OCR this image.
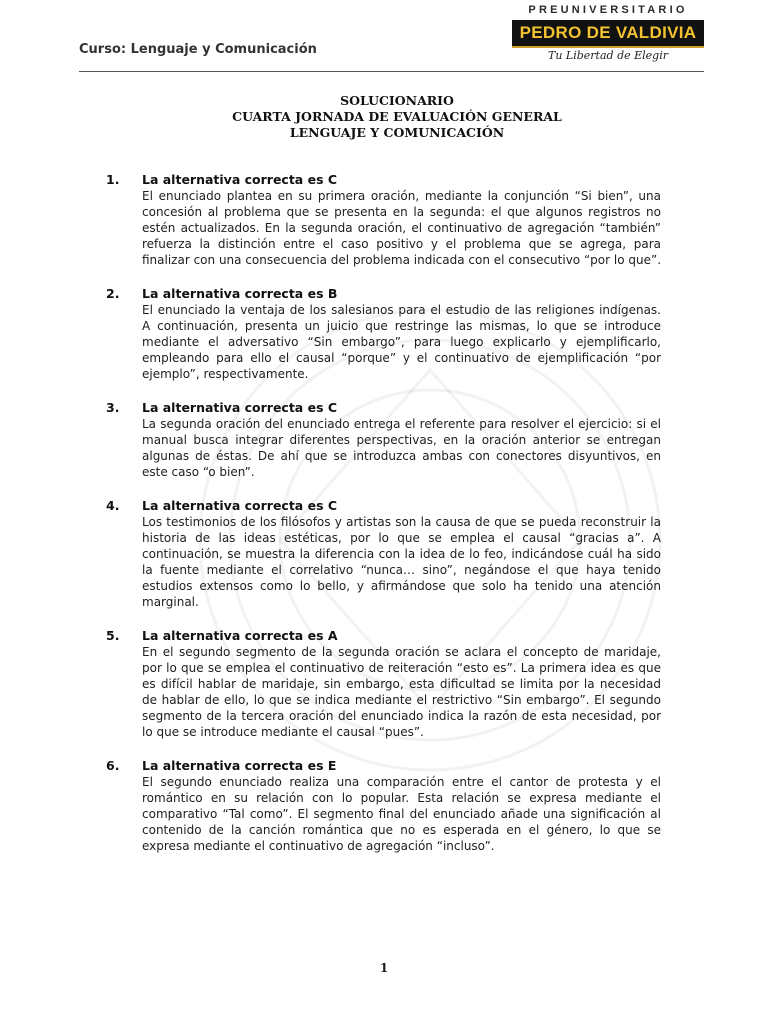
Curso: Lenguaje y Comunicación
PREUNIVERSITARIO
PEDRO DE VALDIVIA
Tu Libertad de Elegir
SOLUCIONARIO
CUARTA JORNADA DE EVALUACIÓN GENERAL
LENGUAJE Y COMUNICACIÓN
1. La alternativa correcta es C
El enunciado plantea en su primera oración, mediante la conjunción “Si bien”, una concesión al problema que se presenta en la segunda: el que algunos registros no estén actualizados. En la segunda oración, el continuativo de agregación “también” refuerza la distinción entre el caso positivo y el problema que se agrega, para finalizar con una consecuencia del problema indicada con el consecutivo “por lo que”.
2. La alternativa correcta es B
El enunciado la ventaja de los salesianos para el estudio de las religiones indígenas. A continuación, presenta un juicio que restringe las mismas, lo que se introduce mediante el adversativo “Sin embargo”, para luego explicarlo y ejemplificarlo, empleando para ello el causal “porque” y el continuativo de ejemplificación “por ejemplo”, respectivamente.
3. La alternativa correcta es C
La segunda oración del enunciado entrega el referente para resolver el ejercicio: si el manual busca integrar diferentes perspectivas, en la oración anterior se entregan algunas de éstas. De ahí que se introduzca ambas con conectores disyuntivos, en este caso “o bien”.
4. La alternativa correcta es C
Los testimonios de los filósofos y artistas son la causa de que se pueda reconstruir la historia de las ideas estéticas, por lo que se emplea el causal “gracias a”. A continuación, se muestra la diferencia con la idea de lo feo, indicándose cuál ha sido la fuente mediante el correlativo “nunca… sino”, negándose el que haya tenido estudios extensos como lo bello, y afirmándose que solo ha tenido una atención marginal.
5. La alternativa correcta es A
En el segundo segmento de la segunda oración se aclara el concepto de maridaje, por lo que se emplea el continuativo de reiteración “esto es”. La primera idea es que es difícil hablar de maridaje, sin embargo, esta dificultad se limita por la necesidad de hablar de ello, lo que se indica mediante el restrictivo “Sin embargo”. El segundo segmento de la tercera oración del enunciado indica la razón de esta necesidad, por lo que se introduce mediante el causal “pues”.
6. La alternativa correcta es E
El segundo enunciado realiza una comparación entre el cantor de protesta y el romántico en su relación con lo popular. Esta relación se expresa mediante el comparativo “Tal como”. El segmento final del enunciado añade una significación al contenido de la canción romántica que no es esperada en el género, lo que se expresa mediante el continuativo de agregación “incluso”.
1
